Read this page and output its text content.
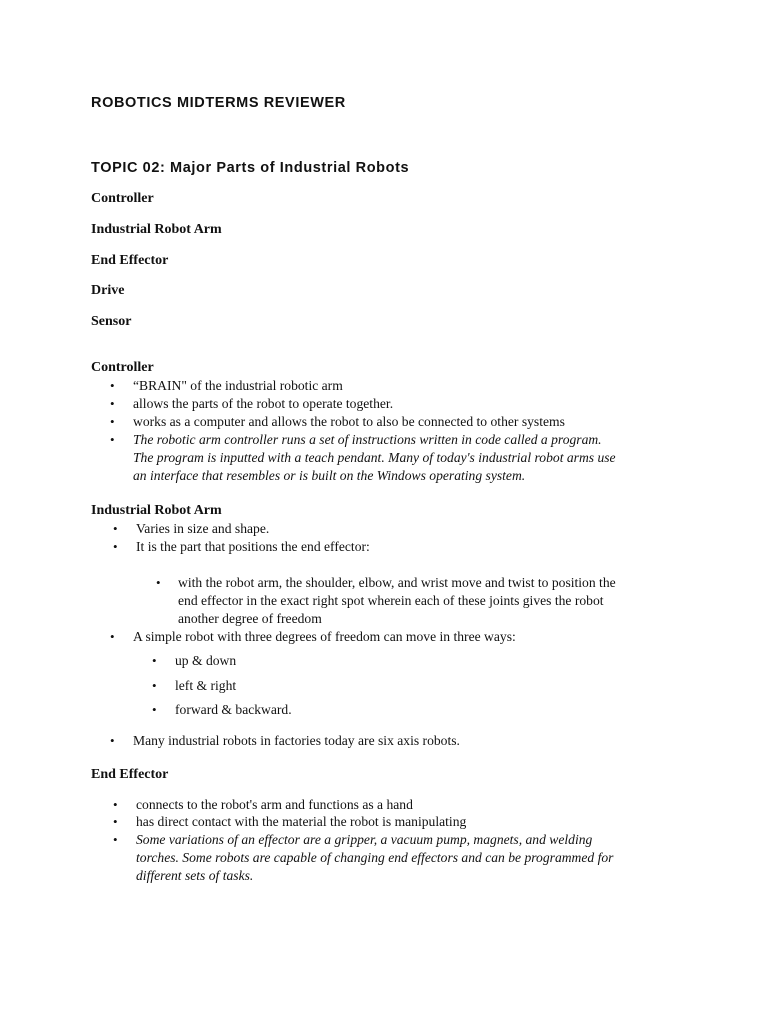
ROBOTICS MIDTERMS REVIEWER
TOPIC 02: Major Parts of Industrial Robots
Controller
Industrial Robot Arm
End Effector
Drive
Sensor
Controller
• “BRAIN" of the industrial robotic arm
• allows the parts of the robot to operate together.
• works as a computer and allows the robot to also be connected to other systems
• The robotic arm controller runs a set of instructions written in code called a program.
The program is inputted with a teach pendant. Many of today's industrial robot arms use
an interface that resembles or is built on the Windows operating system.
Industrial Robot Arm
• Varies in size and shape.
• It is the part that positions the end effector:
• with the robot arm, the shoulder, elbow, and wrist move and twist to position the
end effector in the exact right spot wherein each of these joints gives the robot
another degree of freedom
• A simple robot with three degrees of freedom can move in three ways:
• up & down
• left & right
• forward & backward.
• Many industrial robots in factories today are six axis robots.
End Effector
• connects to the robot's arm and functions as a hand
• has direct contact with the material the robot is manipulating
• Some variations of an effector are a gripper, a vacuum pump, magnets, and welding
torches. Some robots are capable of changing end effectors and can be programmed for
different sets of tasks.
